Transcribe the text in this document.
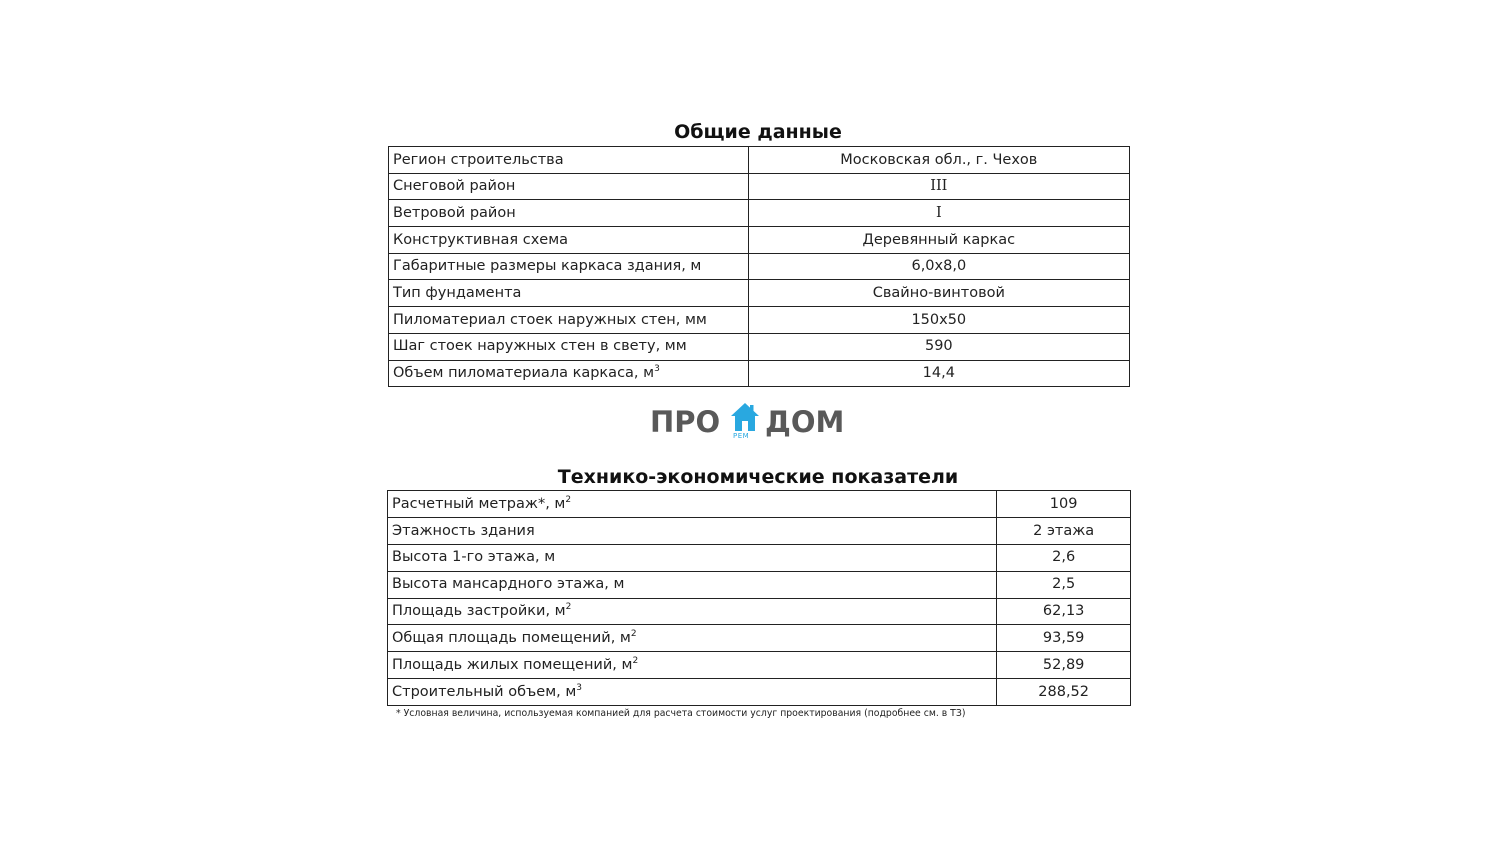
Общие данные
Регион строительства	Московская обл., г. Чехов
Снеговой район	III
Ветровой район	I
Конструктивная схема	Деревянный каркас
Габаритные размеры каркаса здания, м	6,0х8,0
Тип фундамента	Свайно-винтовой
Пиломатериал стоек наружных стен, мм	150х50
Шаг стоек наружных стен в свету, мм	590
Объем пиломатериала каркаса, $м^3$	14,4
ПРО РЕМ ДОМ
Технико-экономические показатели
Расчетный метраж*, $м^2$	109
Этажность здания	2 этажа
Высота 1-го этажа, м	2,6
Высота мансардного этажа, м	2,5
Площадь застройки, $м^2$	62,13
Общая площадь помещений, $м^2$	93,59
Площадь жилых помещений, $м^2$	52,89
Строительный объем, $м^3$	288,52
* Условная величина, используемая компанией для расчета стоимости услуг проектирования (подробнее см. в ТЗ)
